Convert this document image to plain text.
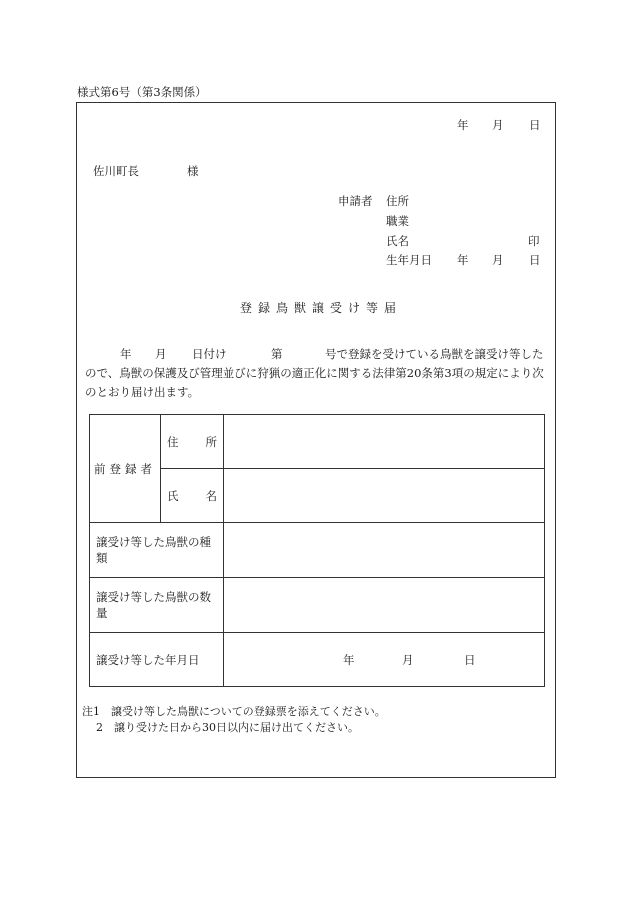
様式第6号（第3条関係）
年 月 日
佐川町長	様
申請者 住所
職業
氏名	印
生年月日 年 月 日
登録鳥獣譲受け等届
年 月 日付け	第	号で登録を受けている鳥獣を譲受け等した
ので、鳥獣の保護及び管理並びに狩猟の適正化に関する法律第20条第3項の規定により次
のとおり届け出ます。
前登録者	住 所	

	氏 名	

譲受け等した鳥獣の種
類		

譲受け等した鳥獣の数
量		

譲受け等した年月日		年 月 日
注1　譲受け等した鳥獣についての登録票を添えてください。
2　譲り受けた日から30日以内に届け出てください。
